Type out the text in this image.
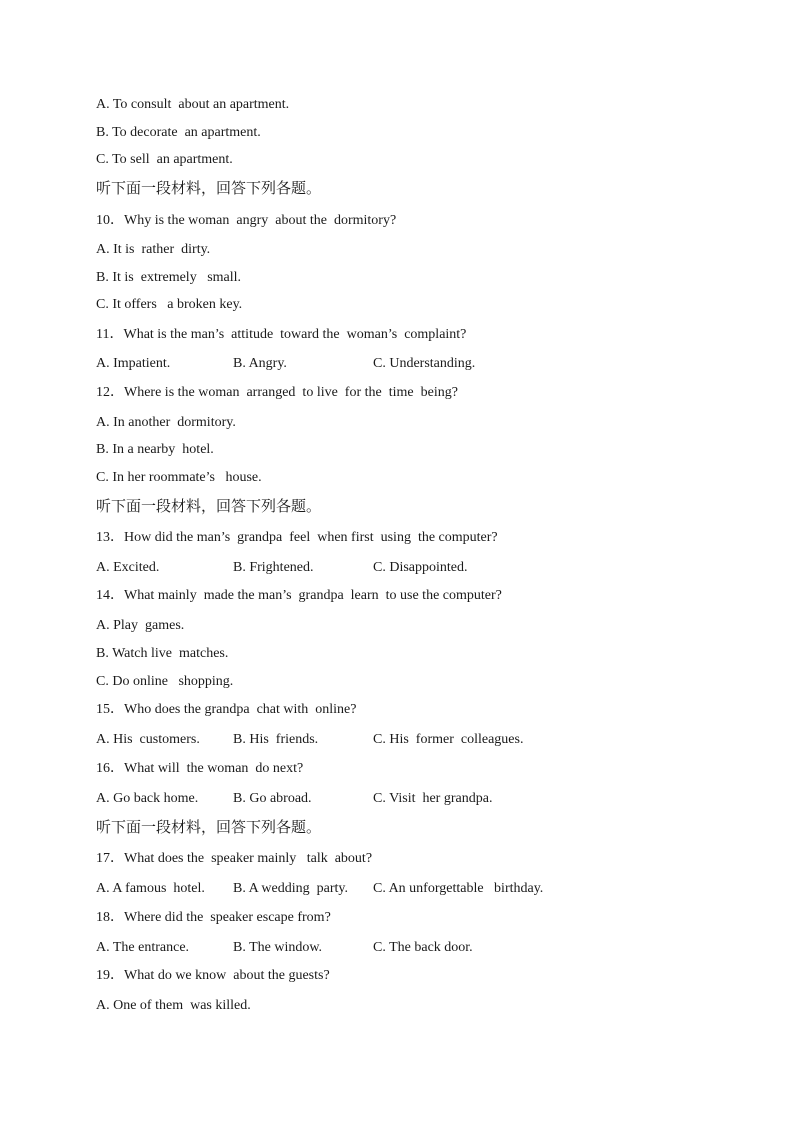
A. To consult  about an apartment.
B. To decorate  an apartment.
C. To sell  an apartment.
听下面一段材料，回答下列各题。
10．Why is the woman  angry  about the  dormitory?
A. It is  rather  dirty.
B. It is  extremely   small.
C. It offers   a broken key.
11．What is the man’s  attitude  toward the  woman’s  complaint?
A. Impatient.	B. Angry.	C. Understanding.
12．Where is the woman  arranged  to live  for the  time  being?
A. In another  dormitory.
B. In a nearby  hotel.
C. In her roommate’s   house.
听下面一段材料，回答下列各题。
13．How did the man’s  grandpa  feel  when first  using  the computer?
A. Excited.	B. Frightened.	C. Disappointed.
14．What mainly  made the man’s  grandpa  learn  to use the computer?
A. Play  games.
B. Watch live  matches.
C. Do online   shopping.
15．Who does the grandpa  chat with  online?
A. His  customers. B. His  friends.	C. His  former  colleagues.
16．What will  the woman  do next?
A. Go back home. B. Go abroad.	C. Visit  her grandpa.
听下面一段材料，回答下列各题。
17．What does the  speaker mainly   talk  about?
A. A famous  hotel. B. A wedding  party. C. An unforgettable   birthday.
18．Where did the  speaker escape from?
A. The entrance.	B. The window.	C. The back door.
19．What do we know  about the guests?
A. One of them  was killed.
